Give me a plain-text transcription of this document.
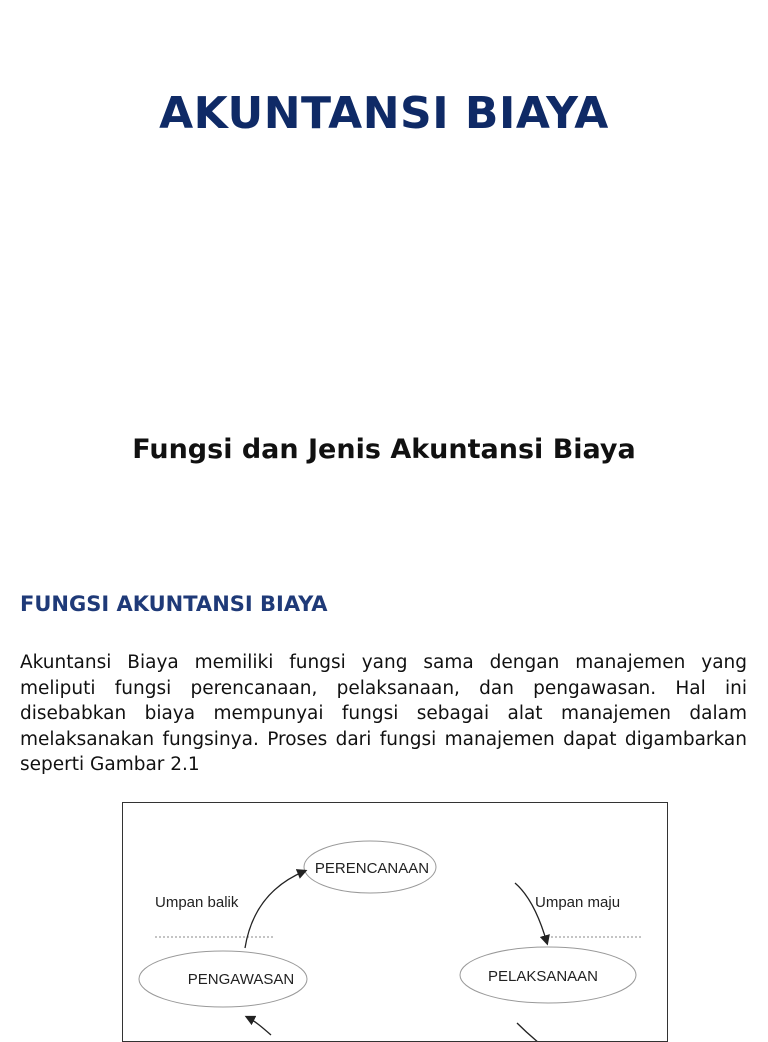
AKUNTANSI BIAYA
Fungsi dan Jenis Akuntansi Biaya
FUNGSI AKUNTANSI BIAYA

Akuntansi Biaya memiliki fungsi yang sama dengan manajemen yang meliputi fungsi perencanaan, pelaksanaan, dan pengawasan. Hal ini disebabkan biaya mempunyai fungsi sebagai alat manajemen dalam melaksanakan fungsinya. Proses dari fungsi manajemen dapat digambarkan seperti Gambar 2.1

PERENCANAAN
PELAKSANAAN
PENGAWASAN
Umpan balik	Umpan maju
